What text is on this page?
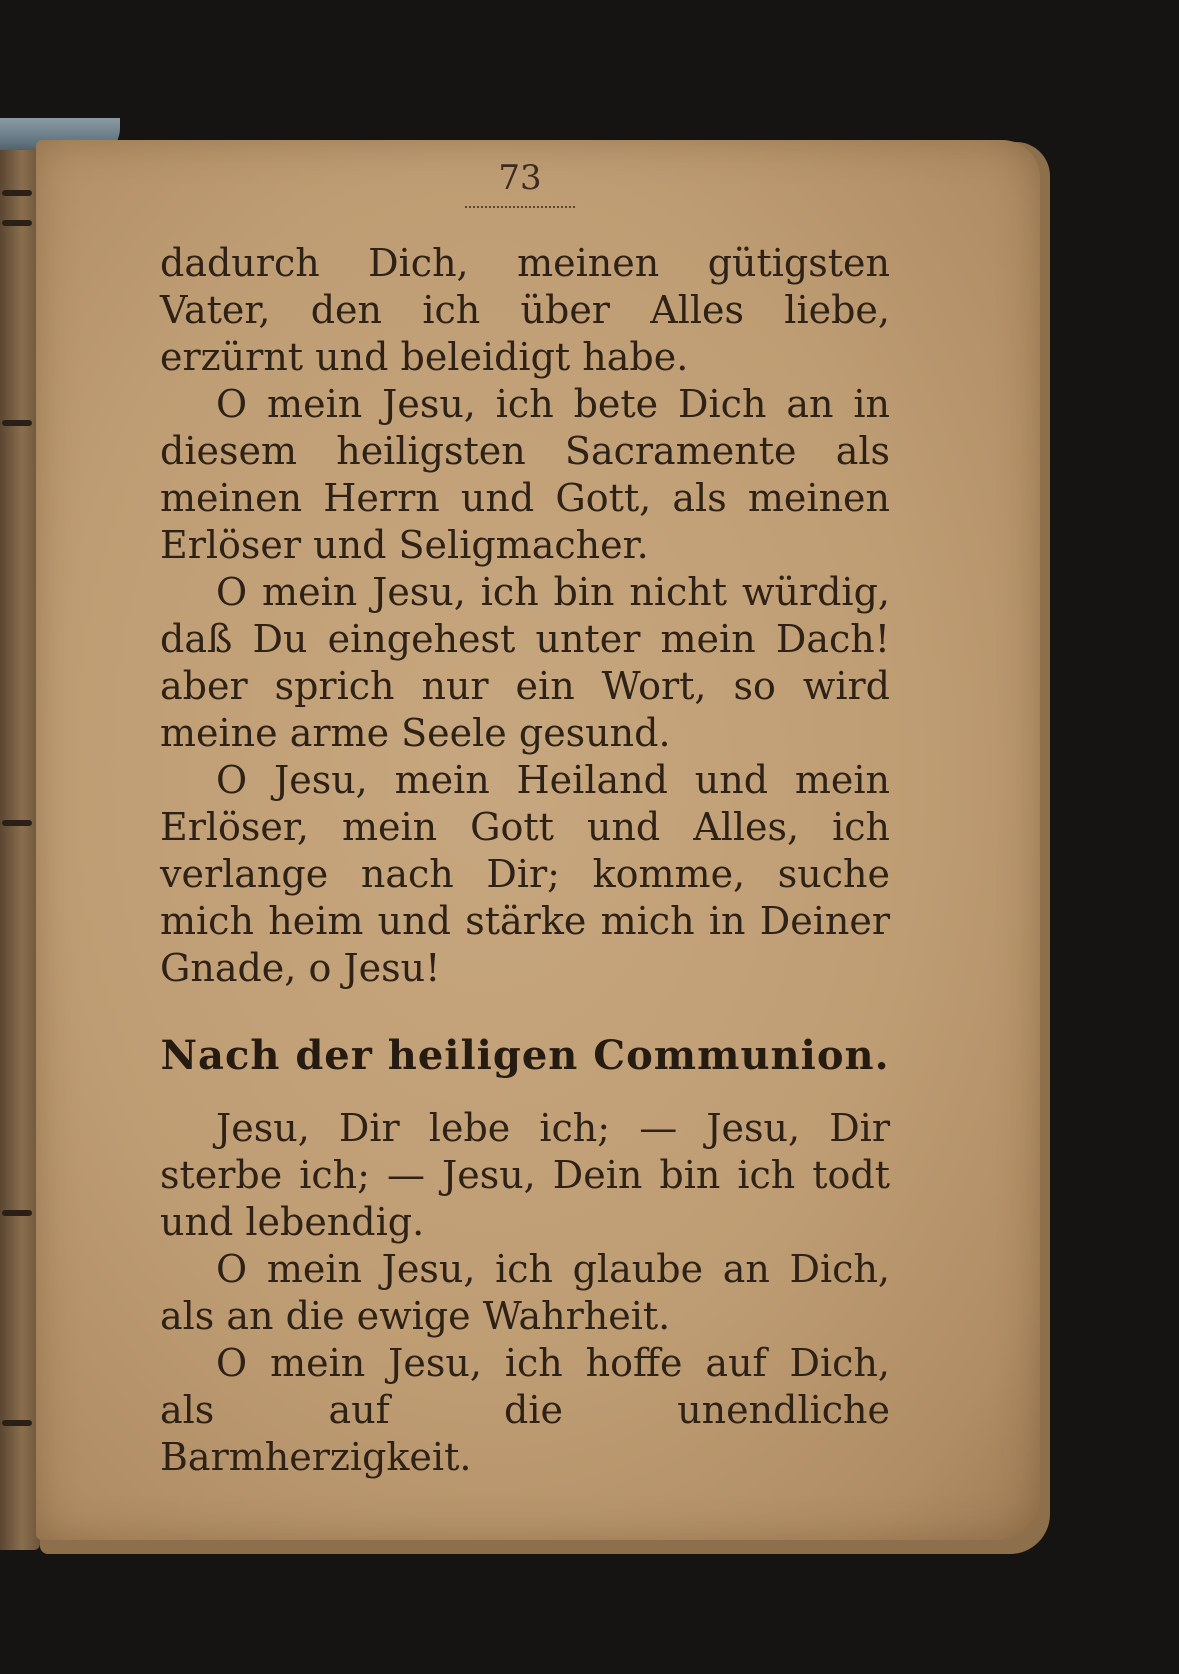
73

dadurch Dich, meinen gütigsten Vater, den ich über Alles liebe, erzürnt und beleidigt habe.

O mein Jesu, ich bete Dich an in diesem heiligsten Sacramente als meinen Herrn und Gott, als meinen Erlöser und Seligmacher.

O mein Jesu, ich bin nicht würdig, daß Du eingehest unter mein Dach! aber sprich nur ein Wort, so wird meine arme Seele gesund.

O Jesu, mein Heiland und mein Erlöser, mein Gott und Alles, ich verlange nach Dir; komme, suche mich heim und stärke mich in Deiner Gnade, o Jesu!

Nach der heiligen Communion.

Jesu, Dir lebe ich; — Jesu, Dir sterbe ich; — Jesu, Dein bin ich todt und lebendig.

O mein Jesu, ich glaube an Dich, als an die ewige Wahrheit.

O mein Jesu, ich hoffe auf Dich, als auf die unendliche Barmherzigkeit.
